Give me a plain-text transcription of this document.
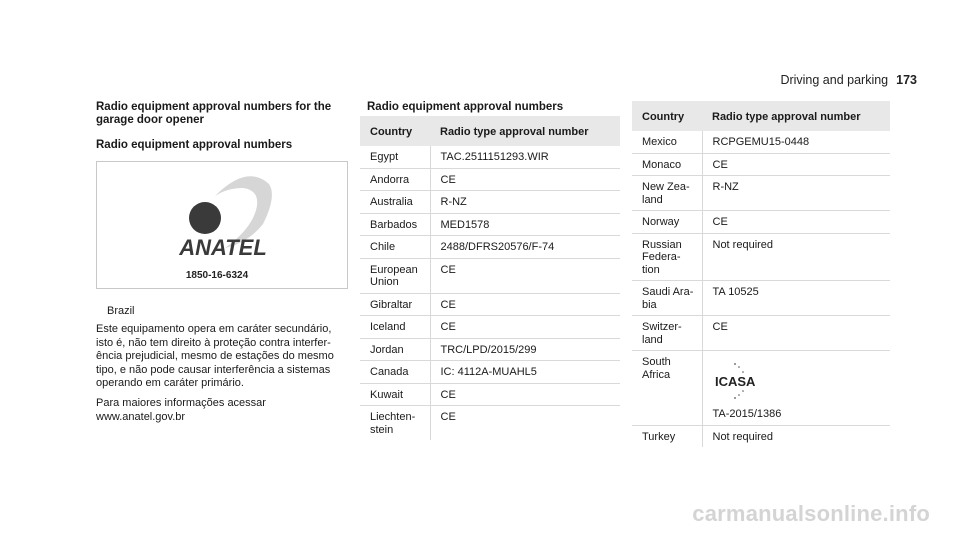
Driving and parking 173
Radio equipment approval numbers for the
garage door opener
Radio equipment approval numbers
ANATEL
1850-16-6324
Brazil
Este equipamento opera em caráter secundário,
isto é, não tem direito à proteção contra interfer-
ência prejudicial, mesmo de estações do mesmo
tipo, e não pode causar interferência a sistemas
operando em caráter primário.
Para maiores informações acessar
www.anatel.gov.br
Radio equipment approval numbers
Country	Radio type approval number
Egypt	TAC.2511151293.WIR
Andorra	CE
Australia	R-NZ
Barbados	MED1578
Chile	2488/DFRS20576/F-74
European Union	CE
Gibraltar	CE
Iceland	CE
Jordan	TRC/LPD/2015/299
Canada	IC: 4112A-MUAHL5
Kuwait	CE
Liechten-stein	CE
Country	Radio type approval number
Mexico	RCPGEMU15-0448
Monaco	CE
New Zea-land	R-NZ
Norway	CE
Russian Federa-tion	Not required
Saudi Ara-bia	TA 10525
Switzer-land	CE
South Africa	ICASA
TA-2015/1386

Turkey	Not required
carmanualsonline.info
